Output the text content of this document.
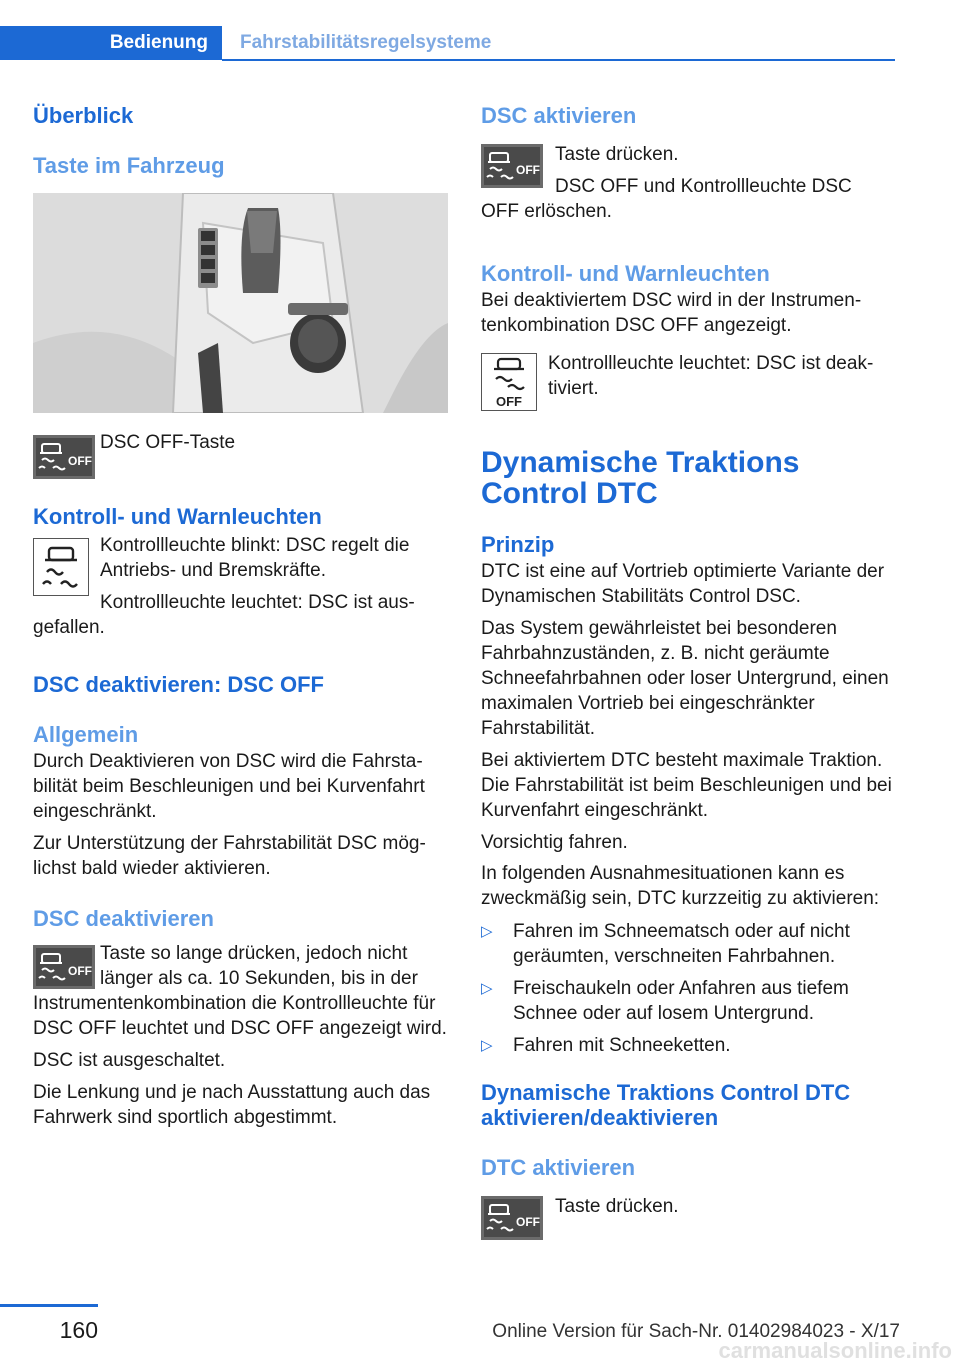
Bedienung	Fahrstabilitätsregelsysteme
Überblick
Taste im Fahrzeug

DSC OFF-Taste

Kontroll- und Warnleuchten

Kontrollleuchte blinkt: DSC regelt die Antriebs- und Bremskräfte.

Kontrollleuchte leuchtet: DSC ist aus-

gefallen.

DSC deaktivieren: DSC OFF
Allgemein

Durch Deaktivieren von DSC wird die Fahrstabilität beim Beschleunigen und bei Kurvenfahrt eingeschränkt.

Zur Unterstützung der Fahrstabilität DSC möglichst bald wieder aktivieren.

DSC deaktivieren

Taste so lange drücken, jedoch nicht länger als ca. 10 Sekunden, bis in der

Instrumentenkombination die Kontrollleuchte für DSC OFF leuchtet und DSC OFF angezeigt wird.

DSC ist ausgeschaltet.

Die Lenkung und je nach Ausstattung auch das Fahrwerk sind sportlich abgestimmt.

DSC aktivieren

Taste drücken.

DSC OFF und Kontrollleuchte DSC

OFF erlöschen.

Kontroll- und Warnleuchten

Bei deaktiviertem DSC wird in der Instrumentenkombination DSC OFF angezeigt.

Kontrollleuchte leuchtet: DSC ist deaktiviert.

Dynamische Traktions Control DTC
Prinzip

DTC ist eine auf Vortrieb optimierte Variante der Dynamischen Stabilitäts Control DSC.

Das System gewährleistet bei besonderen Fahrbahnzuständen, z. B. nicht geräumte Schneefahrbahnen oder loser Untergrund, einen maximalen Vortrieb bei eingeschränkter Fahrstabilität.

Bei aktiviertem DTC besteht maximale Traktion. Die Fahrstabilität ist beim Beschleunigen und bei Kurvenfahrt eingeschränkt.

Vorsichtig fahren.

In folgenden Ausnahmesituationen kann es zweckmäßig sein, DTC kurzzeitig zu aktivieren:

▷ Fahren im Schneematsch oder auf nicht geräumten, verschneiten Fahrbahnen.
▷ Freischaukeln oder Anfahren aus tiefem Schnee oder auf losem Untergrund.
▷ Fahren mit Schneeketten.
Dynamische Traktions Control DTC aktivieren/deaktivieren
DTC aktivieren

Taste drücken.

160	Online Version für Sach-Nr. 01402984023 - X/17
carmanualsonline.info
